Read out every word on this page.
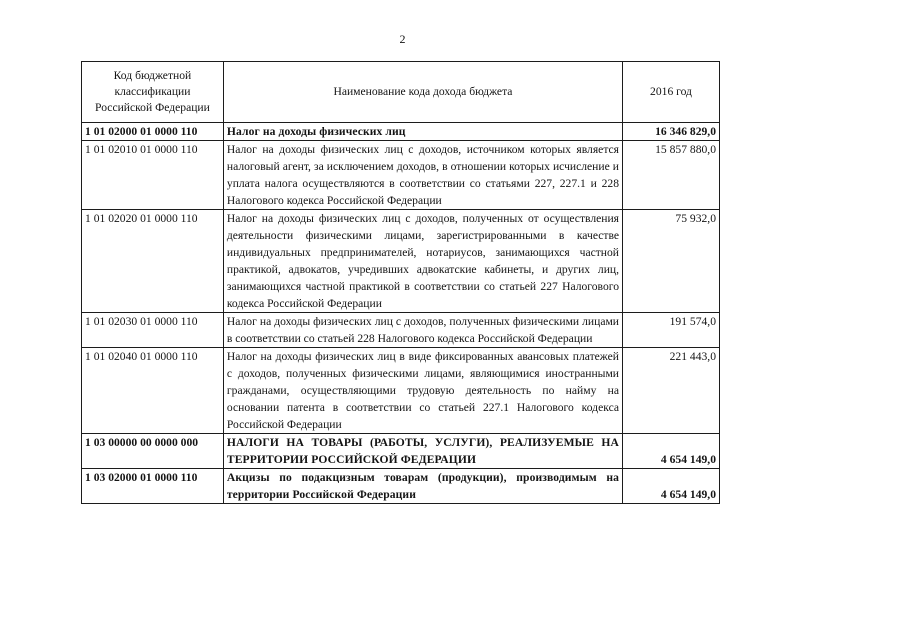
2
Код бюджетной классификации Российской Федерации	Наименование кода дохода бюджета	2016 год
1 01 02000 01 0000 110	Налог на доходы физических лиц	16 346 829,0
1 01 02010 01 0000 110	Налог на доходы физических лиц с доходов, источником которых является налоговый агент, за исключением доходов, в отношении которых исчисление и уплата налога осуществляются в соответствии со статьями 227, 227.1 и 228 Налогового кодекса Российской Федерации	15 857 880,0
1 01 02020 01 0000 110	Налог на доходы физических лиц с доходов, полученных от осуществления деятельности физическими лицами, зарегистрированными в качестве индивидуальных предпринимателей, нотариусов, занимающихся частной практикой, адвокатов, учредивших адвокатские кабинеты, и других лиц, занимающихся частной практикой в соответствии со статьей 227 Налогового кодекса Российской Федерации	75 932,0
1 01 02030 01 0000 110	Налог на доходы физических лиц с доходов, полученных физическими лицами в соответствии со статьей 228 Налогового кодекса Российской Федерации	191 574,0
1 01 02040 01 0000 110	Налог на доходы физических лиц в виде фиксированных авансовых платежей с доходов, полученных физическими лицами, являющимися иностранными гражданами, осуществляющими трудовую деятельность по найму на основании патента в соответствии со статьей 227.1 Налогового кодекса Российской Федерации	221 443,0
1 03 00000 00 0000 000	НАЛОГИ НА ТОВАРЫ (РАБОТЫ, УСЛУГИ), РЕАЛИЗУЕМЫЕ НА ТЕРРИТОРИИ РОССИЙСКОЙ ФЕДЕРАЦИИ	4 654 149,0
1 03 02000 01 0000 110	Акцизы по подакцизным товарам (продукции), производимым на территории Российской Федерации	4 654 149,0
